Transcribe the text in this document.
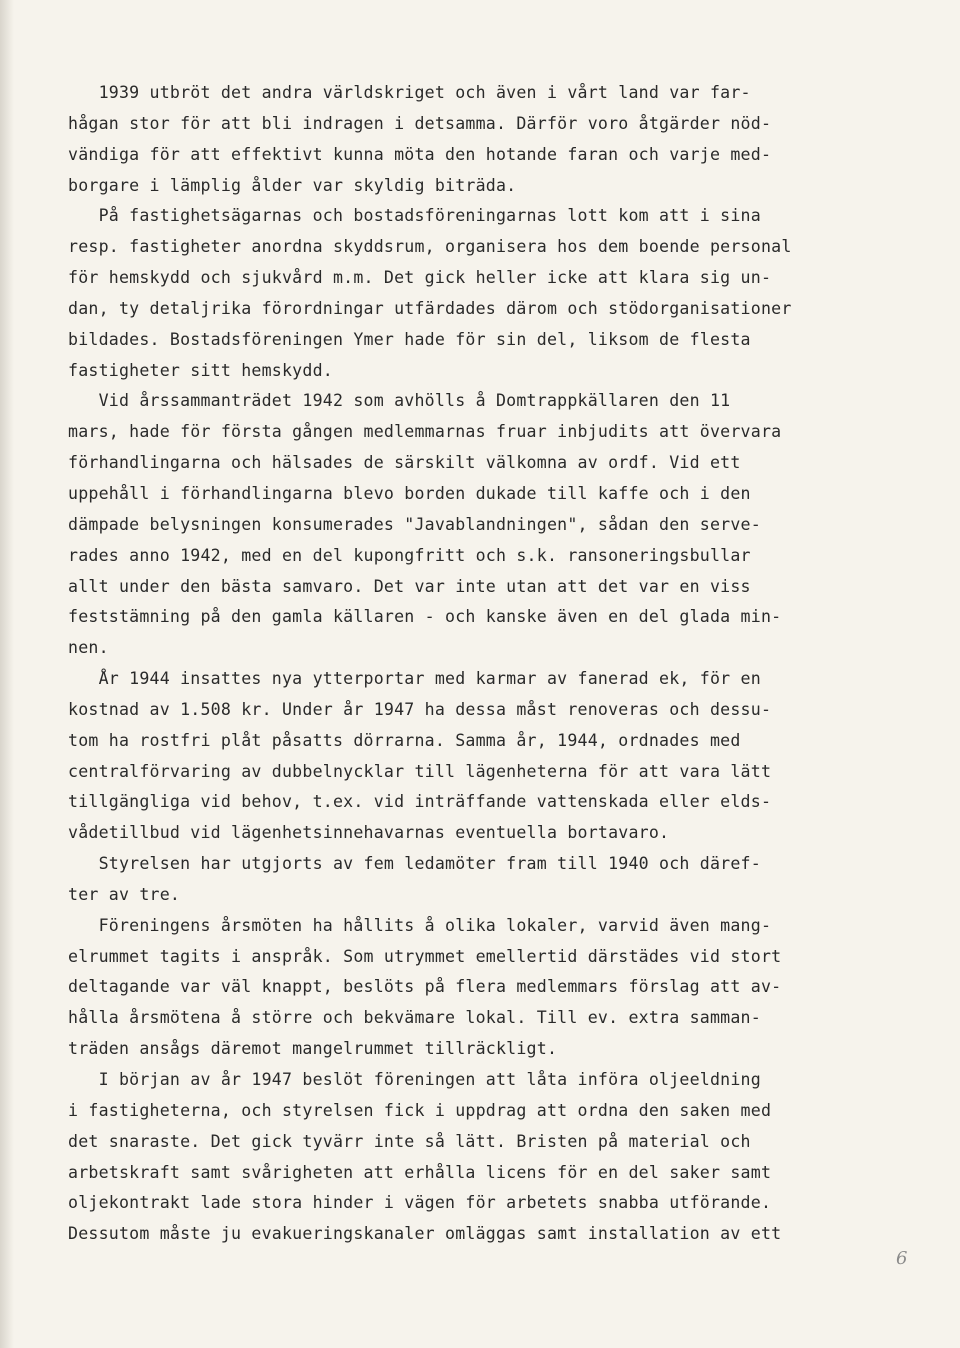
1939 utbröt det andra världskriget och även i vårt land var far-
hågan stor för att bli indragen i detsamma. Därför voro åtgärder nöd-
vändiga för att effektivt kunna möta den hotande faran och varje med-
borgare i lämplig ålder var skyldig biträda.
På fastighetsägarnas och bostadsföreningarnas lott kom att i sina
resp. fastigheter anordna skyddsrum, organisera hos dem boende personal
för hemskydd och sjukvård m.m. Det gick heller icke att klara sig un-
dan, ty detaljrika förordningar utfärdades därom och stödorganisationer
bildades. Bostadsföreningen Ymer hade för sin del, liksom de flesta
fastigheter sitt hemskydd.
Vid årssammanträdet 1942 som avhölls å Domtrappkällaren den 11
mars, hade för första gången medlemmarnas fruar inbjudits att övervara
förhandlingarna och hälsades de särskilt välkomna av ordf. Vid ett
uppehåll i förhandlingarna blevo borden dukade till kaffe och i den
dämpade belysningen konsumerades "Javablandningen", sådan den serve-
rades anno 1942, med en del kupongfritt och s.k. ransoneringsbullar
allt under den bästa samvaro. Det var inte utan att det var en viss
feststämning på den gamla källaren - och kanske även en del glada min-
nen.
År 1944 insattes nya ytterportar med karmar av fanerad ek, för en
kostnad av 1.508 kr. Under år 1947 ha dessa måst renoveras och dessu-
tom ha rostfri plåt påsatts dörrarna. Samma år, 1944, ordnades med
centralförvaring av dubbelnycklar till lägenheterna för att vara lätt
tillgängliga vid behov, t.ex. vid inträffande vattenskada eller elds-
vådetillbud vid lägenhetsinnehavarnas eventuella bortavaro.
Styrelsen har utgjorts av fem ledamöter fram till 1940 och däref-
ter av tre.
Föreningens årsmöten ha hållits å olika lokaler, varvid även mang-
elrummet tagits i anspråk. Som utrymmet emellertid därstädes vid stort
deltagande var väl knappt, beslöts på flera medlemmars förslag att av-
hålla årsmötena å större och bekvämare lokal. Till ev. extra samman-
träden ansågs däremot mangelrummet tillräckligt.
I början av år 1947 beslöt föreningen att låta införa oljeeldning
i fastigheterna, och styrelsen fick i uppdrag att ordna den saken med
det snaraste. Det gick tyvärr inte så lätt. Bristen på material och
arbetskraft samt svårigheten att erhålla licens för en del saker samt
oljekontrakt lade stora hinder i vägen för arbetets snabba utförande.
Dessutom måste ju evakueringskanaler omläggas samt installation av ett
6
